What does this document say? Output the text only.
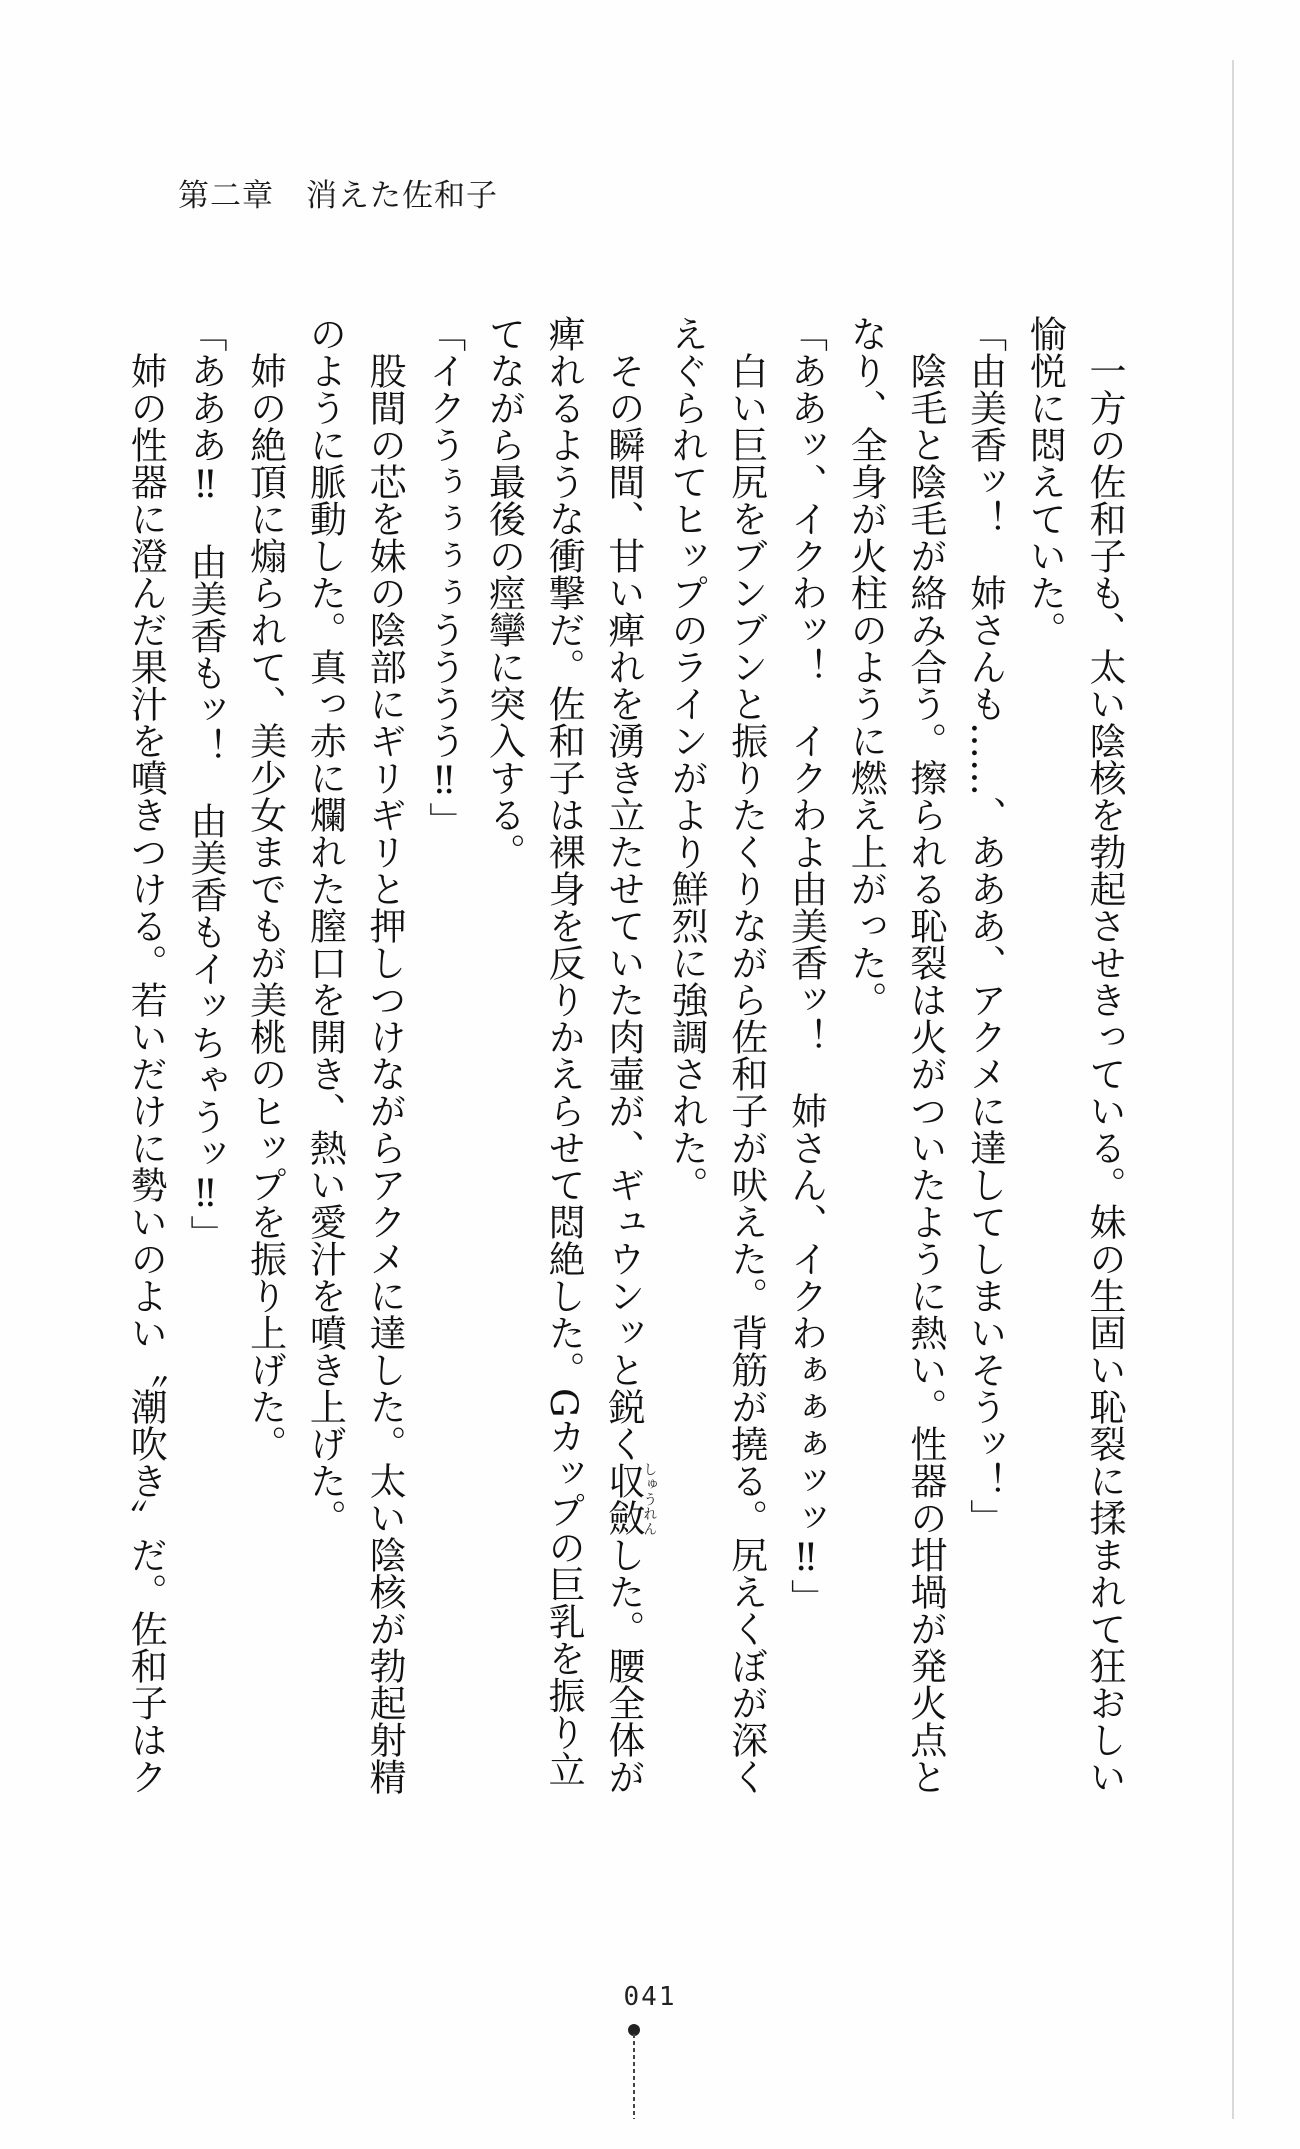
第二章　消えた佐和子
　一方の佐和子も、太い陰核を勃起させきっている。妹の生固い恥裂に揉まれて狂おしい
愉悦に悶えていた。
「由美香ッ！　姉さんも……、あああ、アクメに達してしまいそうッ！」
　陰毛と陰毛が絡み合う。擦られる恥裂は火がついたように熱い。性器の坩堝が発火点と
なり、全身が火柱のように燃え上がった。
「ああッ、イクわッ！　イクわよ由美香ッ！　姉さん、イクわぁぁぁッッ‼」
　白い巨尻をブンブンと振りたくりながら佐和子が吠えた。背筋が撓る。尻えくぼが深く
えぐられてヒップのラインがより鮮烈に強調された。
　その瞬間、甘い痺れを湧き立たせていた肉壷が、ギュウンッと鋭く収斂しゅうれんした。腰全体が
痺れるような衝撃だ。佐和子は裸身を反りかえらせて悶絶した。Gカップの巨乳を振り立
てながら最後の痙攣に突入する。
「イクうぅぅぅぅうううう‼」
　股間の芯を妹の陰部にギリギリと押しつけながらアクメに達した。太い陰核が勃起射精
のように脈動した。真っ赤に爛れた膣口を開き、熱い愛汁を噴き上げた。
　姉の絶頂に煽られて、美少女までもが美桃のヒップを振り上げた。
「あああ‼　由美香もッ！　由美香もイッちゃうッ‼」
　姉の性器に澄んだ果汁を噴きつける。若いだけに勢いのよい〝潮吹き〟だ。佐和子はク
041
